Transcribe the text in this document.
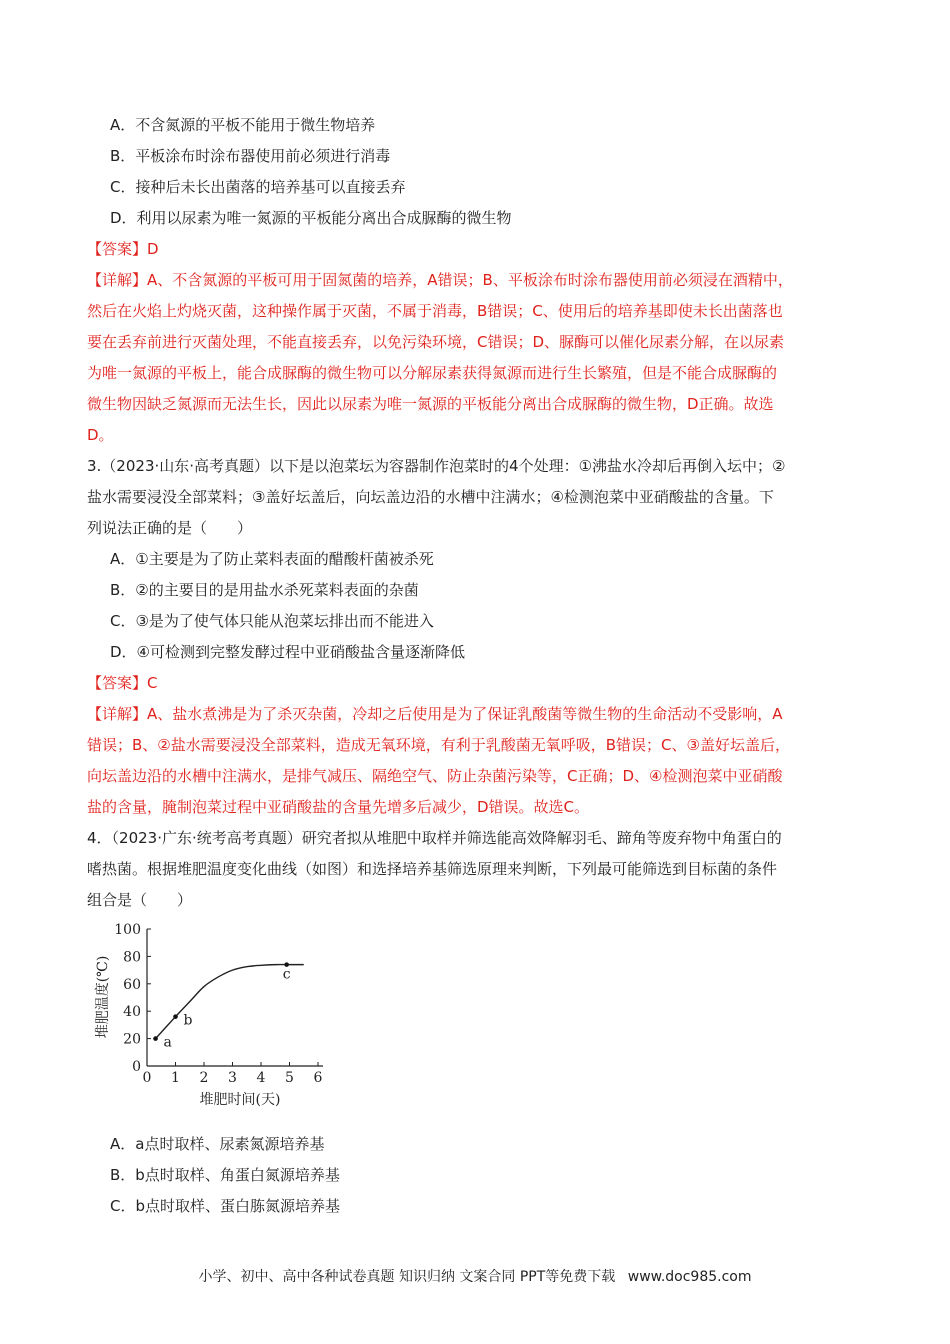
A．不含氮源的平板不能用于微生物培养
B．平板涂布时涂布器使用前必须进行消毒
C．接种后未长出菌落的培养基可以直接丢弃
D．利用以尿素为唯一氮源的平板能分离出合成脲酶的微生物
【答案】D
【详解】A、不含氮源的平板可用于固氮菌的培养，A错误；B、平板涂布时涂布器使用前必须浸在酒精中，
然后在火焰上灼烧灭菌，这种操作属于灭菌，不属于消毒，B错误；C、使用后的培养基即使未长出菌落也
要在丢弃前进行灭菌处理，不能直接丢弃，以免污染环境，C错误；D、脲酶可以催化尿素分解，在以尿素
为唯一氮源的平板上，能合成脲酶的微生物可以分解尿素获得氮源而进行生长繁殖，但是不能合成脲酶的
微生物因缺乏氮源而无法生长，因此以尿素为唯一氮源的平板能分离出合成脲酶的微生物，D正确。故选
D。
3.（2023·山东·高考真题）以下是以泡菜坛为容器制作泡菜时的4个处理：①沸盐水冷却后再倒入坛中；②
盐水需要浸没全部菜料；③盖好坛盖后，向坛盖边沿的水槽中注满水；④检测泡菜中亚硝酸盐的含量。下
列说法正确的是（　　）
A．①主要是为了防止菜料表面的醋酸杆菌被杀死
B．②的主要目的是用盐水杀死菜料表面的杂菌
C．③是为了使气体只能从泡菜坛排出而不能进入
D．④可检测到完整发酵过程中亚硝酸盐含量逐渐降低
【答案】C
【详解】A、盐水煮沸是为了杀灭杂菌，冷却之后使用是为了保证乳酸菌等微生物的生命活动不受影响，A
错误；B、②盐水需要浸没全部菜料，造成无氧环境，有利于乳酸菌无氧呼吸，B错误；C、③盖好坛盖后，
向坛盖边沿的水槽中注满水，是排气减压、隔绝空气、防止杂菌污染等，C正确；D、④检测泡菜中亚硝酸
盐的含量，腌制泡菜过程中亚硝酸盐的含量先增多后减少，D错误。故选C。
4．（2023·广东·统考高考真题）研究者拟从堆肥中取样并筛选能高效降解羽毛、蹄角等废弃物中角蛋白的
嗜热菌。根据堆肥温度变化曲线（如图）和选择培养基筛选原理来判断，下列最可能筛选到目标菌的条件
组合是（　　）
0 1 2 3 4 5 6
0
20
40
60
80
100
a
b
c
堆肥温度(℃)
堆肥时间(天)
A．a点时取样、尿素氮源培养基
B．b点时取样、角蛋白氮源培养基
C．b点时取样、蛋白胨氮源培养基
小学、初中、高中各种试卷真题 知识归纳 文案合同 PPT等免费下载 www.doc985.com
